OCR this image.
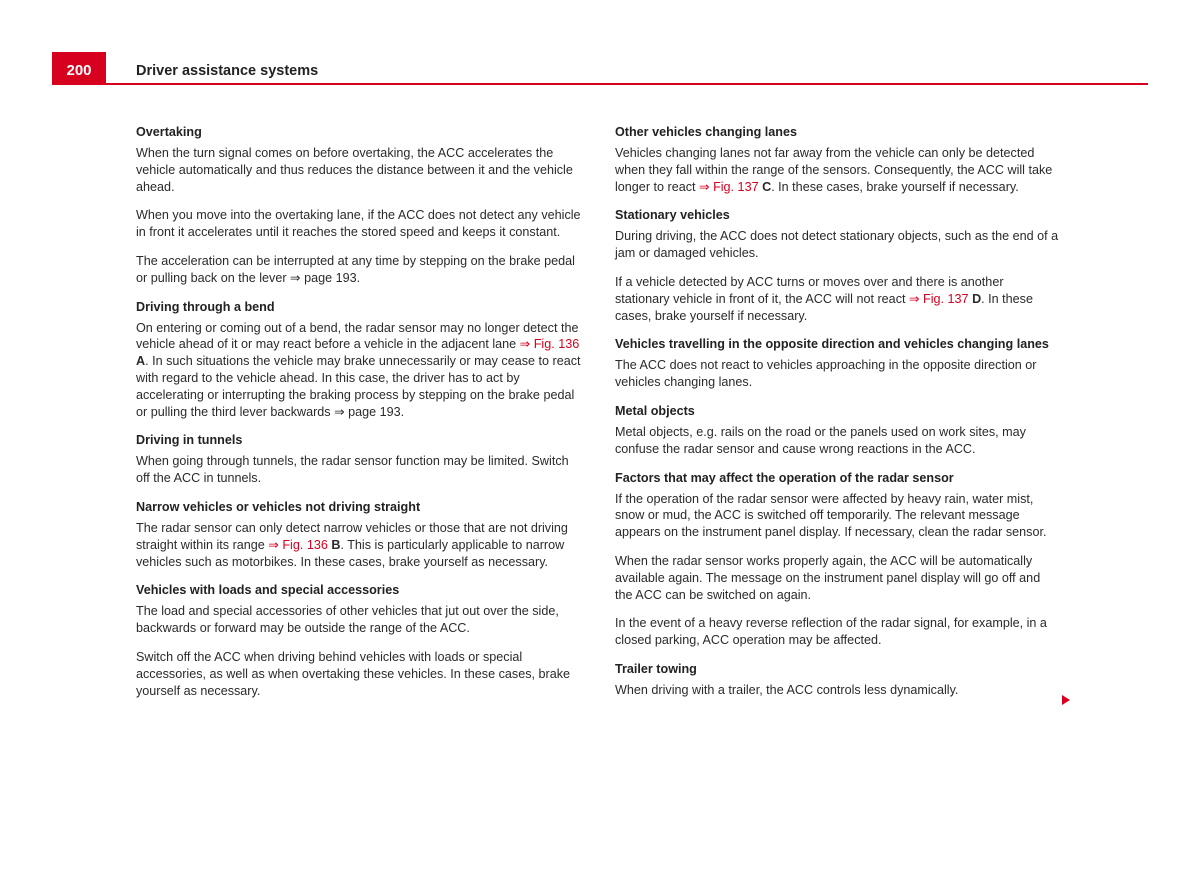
200	Driver assistance systems
Overtaking

When the turn signal comes on before overtaking, the ACC accelerates the vehicle automatically and thus reduces the distance between it and the vehicle ahead.

When you move into the overtaking lane, if the ACC does not detect any vehicle in front it accelerates until it reaches the stored speed and keeps it constant.

The acceleration can be interrupted at any time by stepping on the brake pedal or pulling back on the lever ⇒ page 193.

Driving through a bend

On entering or coming out of a bend, the radar sensor may no longer detect the vehicle ahead of it or may react before a vehicle in the adjacent lane ⇒ Fig. 136 A. In such situations the vehicle may brake unnecessarily or may cease to react with regard to the vehicle ahead. In this case, the driver has to act by accelerating or interrupting the braking process by stepping on the brake pedal or pulling the third lever backwards ⇒ page 193.

Driving in tunnels

When going through tunnels, the radar sensor function may be limited. Switch off the ACC in tunnels.

Narrow vehicles or vehicles not driving straight

The radar sensor can only detect narrow vehicles or those that are not driving straight within its range ⇒ Fig. 136 B. This is particularly applicable to narrow vehicles such as motorbikes. In these cases, brake yourself as necessary.

Vehicles with loads and special accessories

The load and special accessories of other vehicles that jut out over the side, backwards or forward may be outside the range of the ACC.

Switch off the ACC when driving behind vehicles with loads or special accessories, as well as when overtaking these vehicles. In these cases, brake yourself as necessary.

Other vehicles changing lanes

Vehicles changing lanes not far away from the vehicle can only be detected when they fall within the range of the sensors. Consequently, the ACC will take longer to react ⇒ Fig. 137 C. In these cases, brake yourself if necessary.

Stationary vehicles

During driving, the ACC does not detect stationary objects, such as the end of a jam or damaged vehicles.

If a vehicle detected by ACC turns or moves over and there is another stationary vehicle in front of it, the ACC will not react ⇒ Fig. 137 D. In these cases, brake yourself if necessary.

Vehicles travelling in the opposite direction and vehicles changing lanes

The ACC does not react to vehicles approaching in the opposite direction or vehicles changing lanes.

Metal objects

Metal objects, e.g. rails on the road or the panels used on work sites, may confuse the radar sensor and cause wrong reactions in the ACC.

Factors that may affect the operation of the radar sensor

If the operation of the radar sensor were affected by heavy rain, water mist, snow or mud, the ACC is switched off temporarily. The relevant message appears on the instrument panel display. If necessary, clean the radar sensor.

When the radar sensor works properly again, the ACC will be automatically available again. The message on the instrument panel display will go off and the ACC can be switched on again.

In the event of a heavy reverse reflection of the radar signal, for example, in a closed parking, ACC operation may be affected.

Trailer towing

When driving with a trailer, the ACC controls less dynamically.
